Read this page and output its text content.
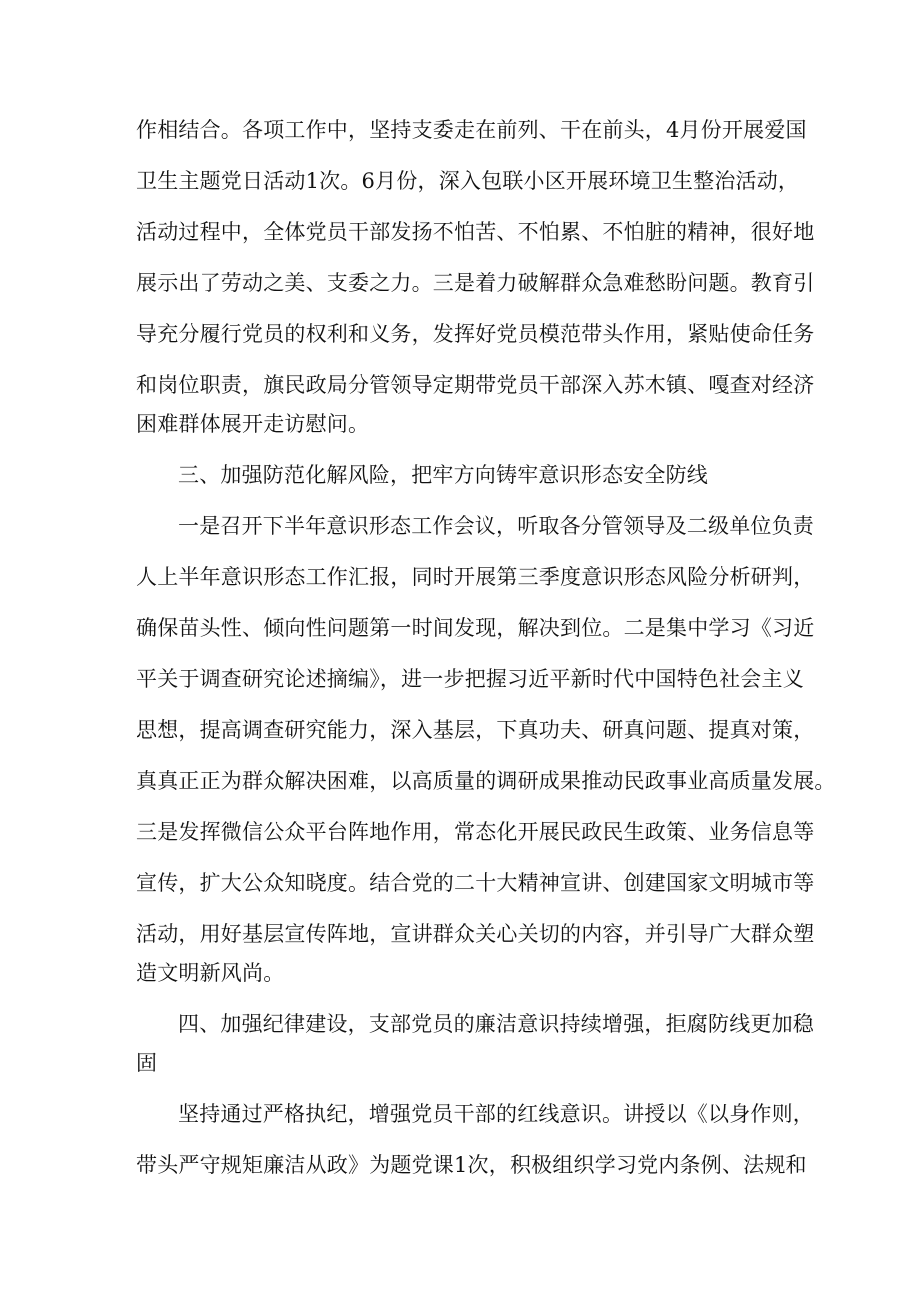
作相结合。各项工作中，坚持支委走在前列、干在前头，4月份开展爱国
卫生主题党日活动1次。6月份，深入包联小区开展环境卫生整治活动，
活动过程中，全体党员干部发扬不怕苦、不怕累、不怕脏的精神，很好地
展示出了劳动之美、支委之力。三是着力破解群众急难愁盼问题。教育引
导充分履行党员的权利和义务，发挥好党员模范带头作用，紧贴使命任务
和岗位职责，旗民政局分管领导定期带党员干部深入苏木镇、嘎查对经济
困难群体展开走访慰问。
三、加强防范化解风险，把牢方向铸牢意识形态安全防线
一是召开下半年意识形态工作会议，听取各分管领导及二级单位负责
人上半年意识形态工作汇报，同时开展第三季度意识形态风险分析研判，
确保苗头性、倾向性问题第一时间发现，解决到位。二是集中学习《习近
平关于调查研究论述摘编》，进一步把握习近平新时代中国特色社会主义
思想，提高调查研究能力，深入基层，下真功夫、研真问题、提真对策，
真真正正为群众解决困难，以高质量的调研成果推动民政事业高质量发展。
三是发挥微信公众平台阵地作用，常态化开展民政民生政策、业务信息等
宣传，扩大公众知晓度。结合党的二十大精神宣讲、创建国家文明城市等
活动，用好基层宣传阵地，宣讲群众关心关切的内容，并引导广大群众塑
造文明新风尚。
四、加强纪律建设，支部党员的廉洁意识持续增强，拒腐防线更加稳
固
坚持通过严格执纪，增强党员干部的红线意识。讲授以《以身作则，
带头严守规矩廉洁从政》为题党课1次，积极组织学习党内条例、法规和
